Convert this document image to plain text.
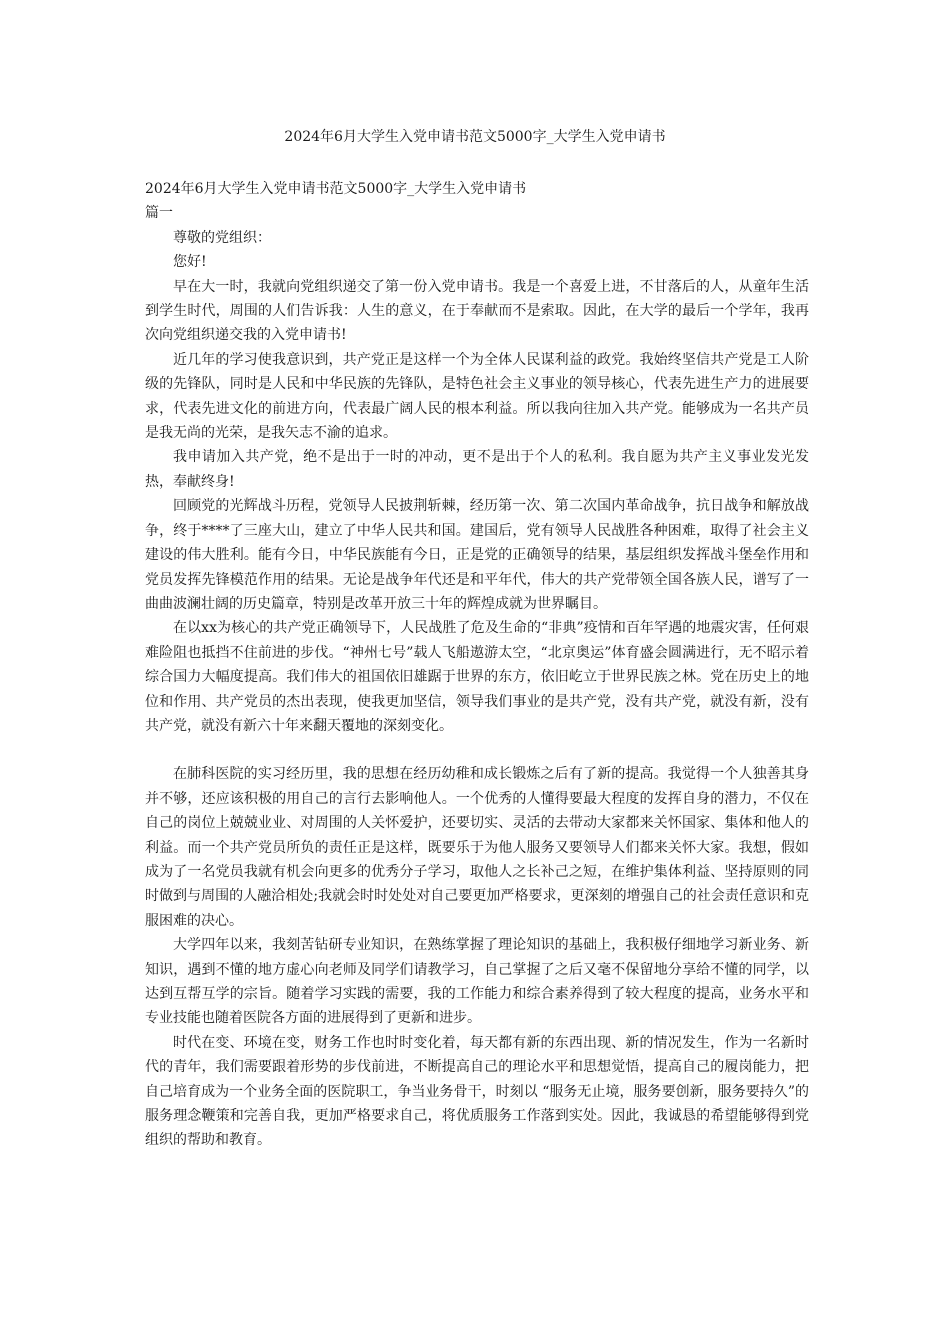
2024年6月大学生入党申请书范文5000字_大学生入党申请书

2024年6月大学生入党申请书范文5000字_大学生入党申请书

篇一

尊敬的党组织：

您好!

早在大一时，我就向党组织递交了第一份入党申请书。我是一个喜爱上进，不甘落后的人，从童年生活到学生时代，周围的人们告诉我：人生的意义，在于奉献而不是索取。因此，在大学的最后一个学年，我再次向党组织递交我的入党申请书!

近几年的学习使我意识到，共产党正是这样一个为全体人民谋利益的政党。我始终坚信共产党是工人阶级的先锋队，同时是人民和中华民族的先锋队，是特色社会主义事业的领导核心，代表先进生产力的进展要求，代表先进文化的前进方向，代表最广阔人民的根本利益。所以我向往加入共产党。能够成为一名共产员是我无尚的光荣，是我矢志不渝的追求。

我申请加入共产党，绝不是出于一时的冲动，更不是出于个人的私利。我自愿为共产主义事业发光发热，奉献终身!

回顾党的光辉战斗历程，党领导人民披荆斩棘，经历第一次、第二次国内革命战争，抗日战争和解放战争，终于****了三座大山，建立了中华人民共和国。建国后，党有领导人民战胜各种困难，取得了社会主义建设的伟大胜利。能有今日，中华民族能有今日，正是党的正确领导的结果，基层组织发挥战斗堡垒作用和党员发挥先锋模范作用的结果。无论是战争年代还是和平年代，伟大的共产党带领全国各族人民，谱写了一曲曲波澜壮阔的历史篇章，特别是改革开放三十年的辉煌成就为世界瞩目。

在以xx为核心的共产党正确领导下，人民战胜了危及生命的“非典”疫情和百年罕遇的地震灾害，任何艰难险阻也抵挡不住前进的步伐。“神州七号”载人飞船遨游太空，“北京奥运”体育盛会圆满进行，无不昭示着综合国力大幅度提高。我们伟大的祖国依旧雄踞于世界的东方，依旧屹立于世界民族之林。党在历史上的地位和作用、共产党员的杰出表现，使我更加坚信，领导我们事业的是共产党，没有共产党，就没有新，没有共产党，就没有新六十年来翻天覆地的深刻变化。

在肺科医院的实习经历里，我的思想在经历幼稚和成长锻炼之后有了新的提高。我觉得一个人独善其身并不够，还应该积极的用自己的言行去影响他人。一个优秀的人懂得要最大程度的发挥自身的潜力，不仅在自己的岗位上兢兢业业、对周围的人关怀爱护，还要切实、灵活的去带动大家都来关怀国家、集体和他人的利益。而一个共产党员所负的责任正是这样，既要乐于为他人服务又要领导人们都来关怀大家。我想，假如成为了一名党员我就有机会向更多的优秀分子学习，取他人之长补己之短，在维护集体利益、坚持原则的同时做到与周围的人融洽相处;我就会时时处处对自己要更加严格要求，更深刻的增强自己的社会责任意识和克服困难的决心。

大学四年以来，我刻苦钻研专业知识，在熟练掌握了理论知识的基础上，我积极仔细地学习新业务、新知识，遇到不懂的地方虚心向老师及同学们请教学习，自己掌握了之后又毫不保留地分享给不懂的同学，以达到互帮互学的宗旨。随着学习实践的需要，我的工作能力和综合素养得到了较大程度的提高，业务水平和专业技能也随着医院各方面的进展得到了更新和进步。

时代在变、环境在变，财务工作也时时变化着，每天都有新的东西出现、新的情况发生，作为一名新时代的青年，我们需要跟着形势的步伐前进，不断提高自己的理论水平和思想觉悟，提高自己的履岗能力，把自己培育成为一个业务全面的医院职工，争当业务骨干，时刻以 “服务无止境，服务要创新，服务要持久”的服务理念鞭策和完善自我，更加严格要求自己，将优质服务工作落到实处。因此，我诚恳的希望能够得到党组织的帮助和教育。
